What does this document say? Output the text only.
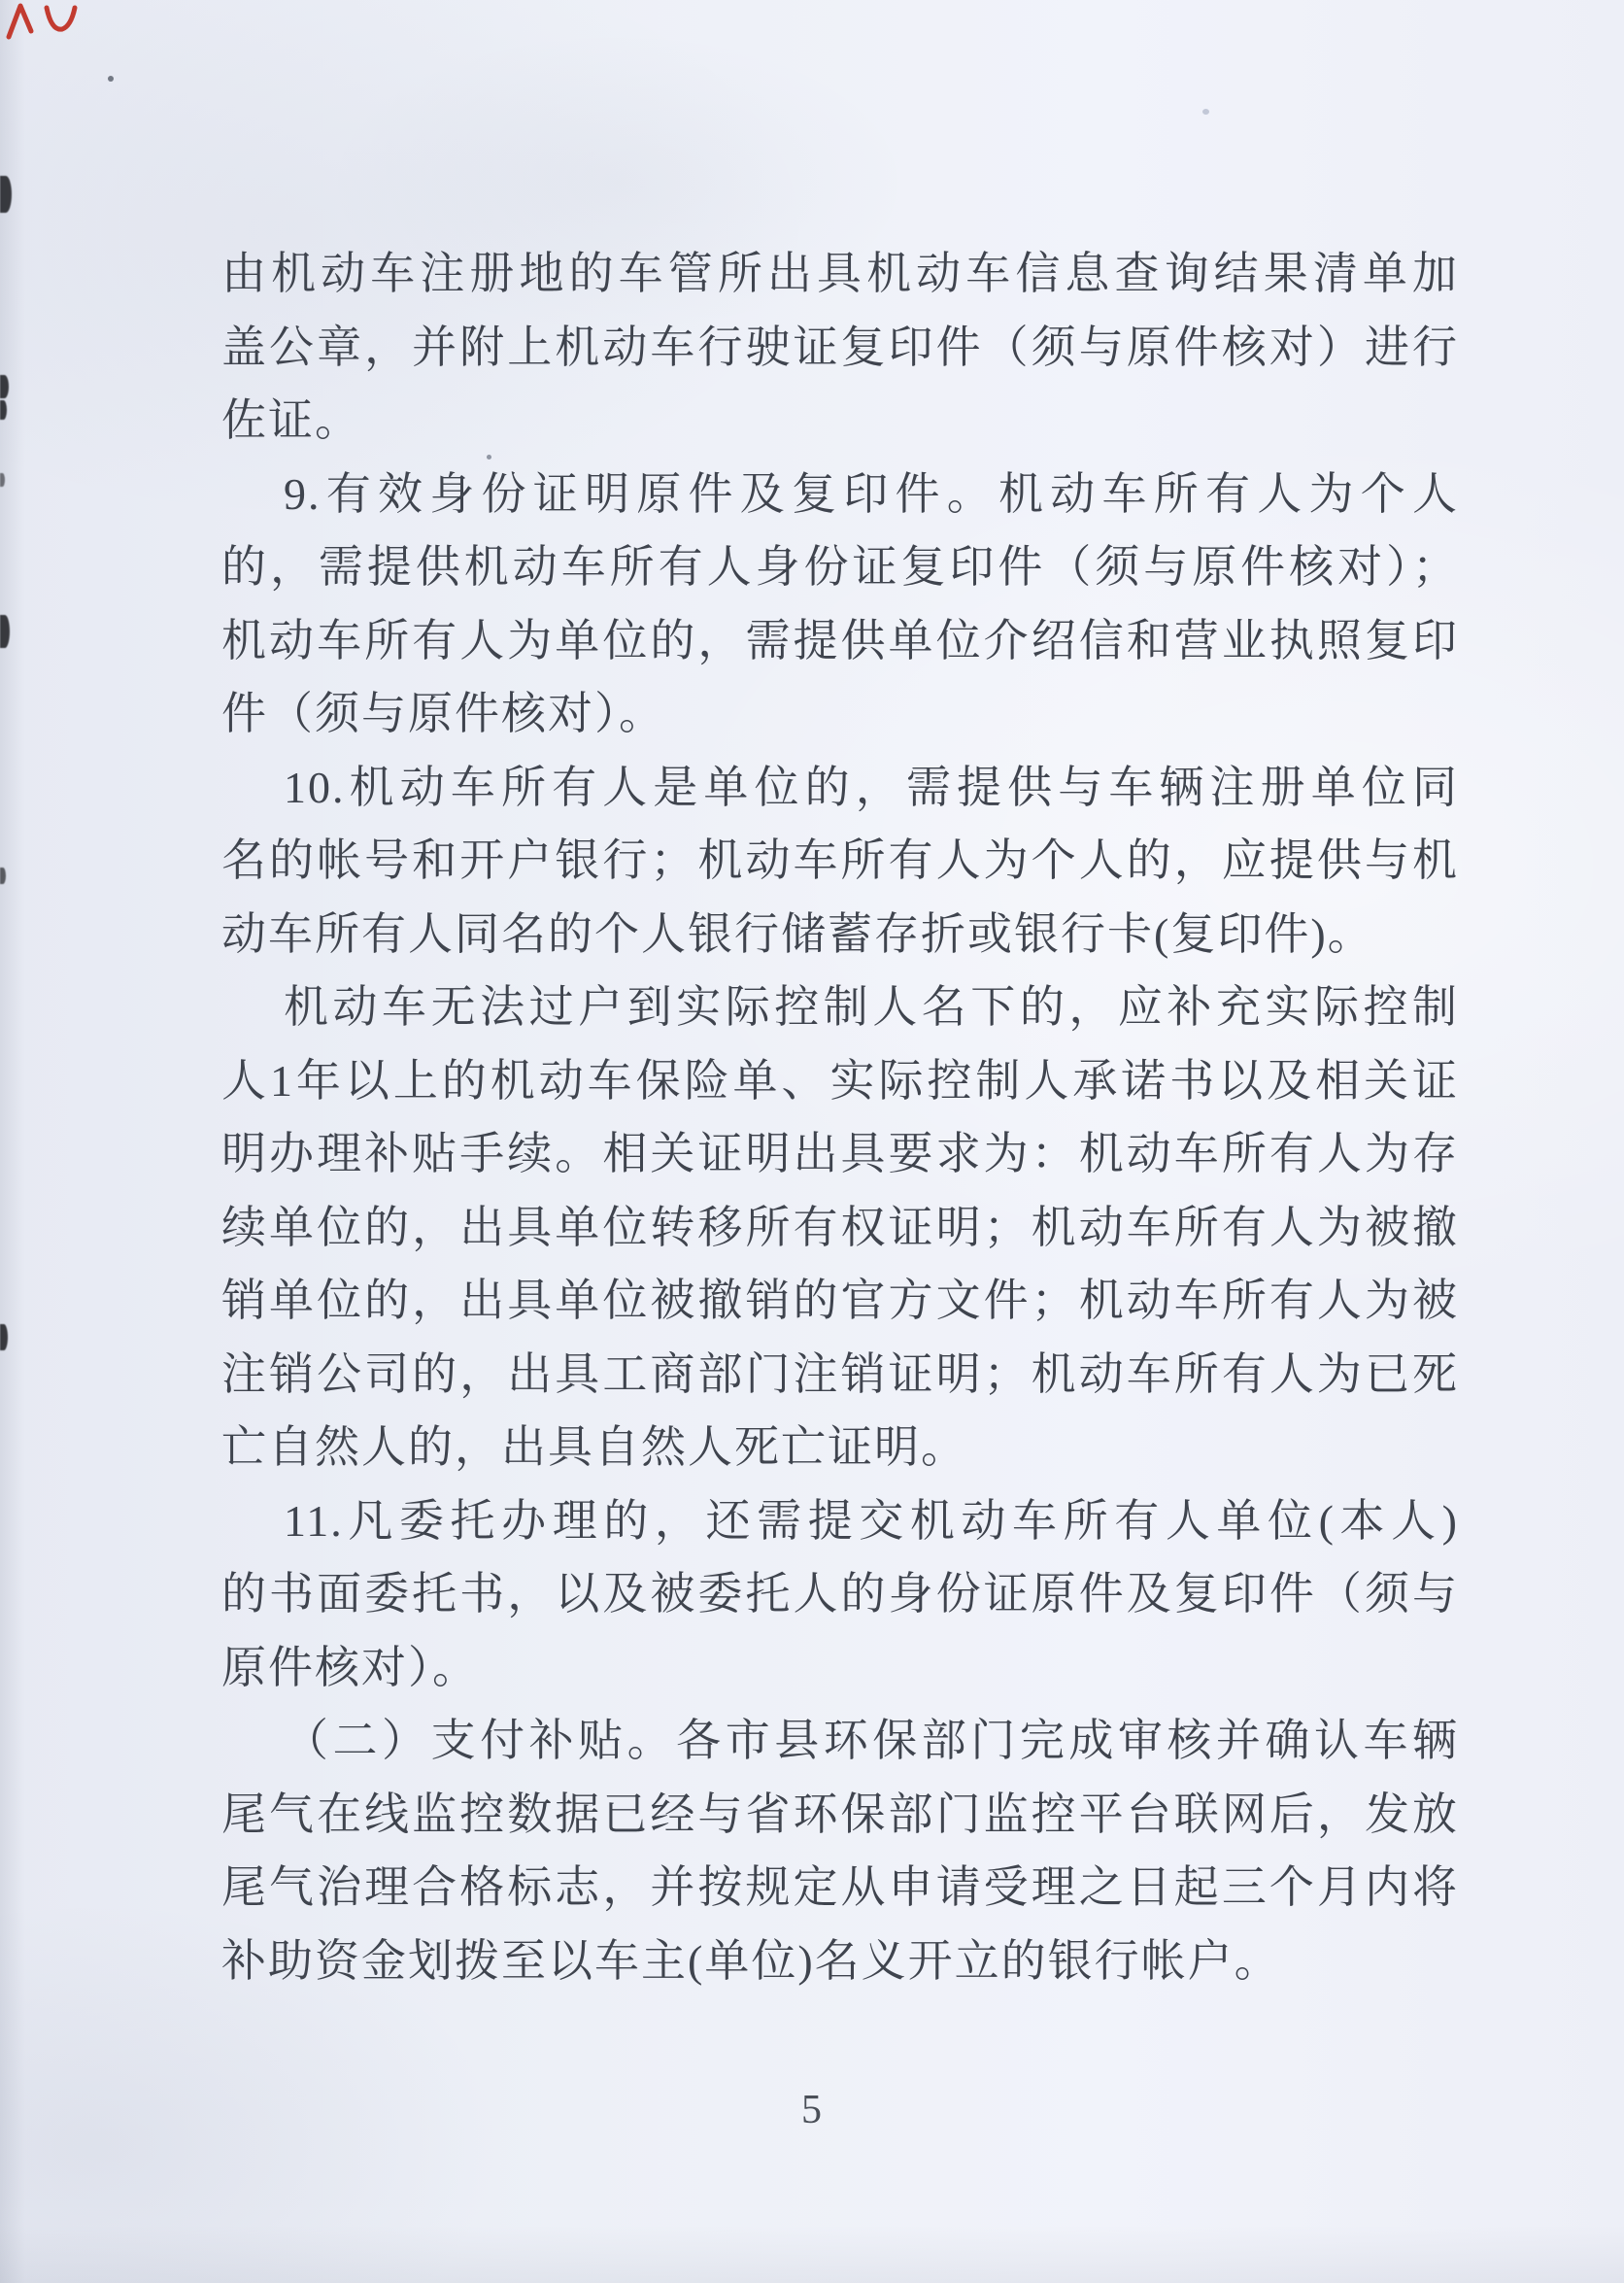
由机动车注册地的车管所出具机动车信息查询结果清单加
盖公章，并附上机动车行驶证复印件（须与原件核对）进行
佐证。
9.有效身份证明原件及复印件。机动车所有人为个人
的，需提供机动车所有人身份证复印件（须与原件核对）；
机动车所有人为单位的，需提供单位介绍信和营业执照复印
件（须与原件核对）。
10.机动车所有人是单位的，需提供与车辆注册单位同
名的帐号和开户银行；机动车所有人为个人的，应提供与机
动车所有人同名的个人银行储蓄存折或银行卡(复印件)。
机动车无法过户到实际控制人名下的，应补充实际控制
人1年以上的机动车保险单、实际控制人承诺书以及相关证
明办理补贴手续。相关证明出具要求为：机动车所有人为存
续单位的，出具单位转移所有权证明；机动车所有人为被撤
销单位的，出具单位被撤销的官方文件；机动车所有人为被
注销公司的，出具工商部门注销证明；机动车所有人为已死
亡自然人的，出具自然人死亡证明。
11.凡委托办理的，还需提交机动车所有人单位(本人)
的书面委托书，以及被委托人的身份证原件及复印件（须与
原件核对）。
（二）支付补贴。各市县环保部门完成审核并确认车辆
尾气在线监控数据已经与省环保部门监控平台联网后，发放
尾气治理合格标志，并按规定从申请受理之日起三个月内将
补助资金划拨至以车主(单位)名义开立的银行帐户。
5
